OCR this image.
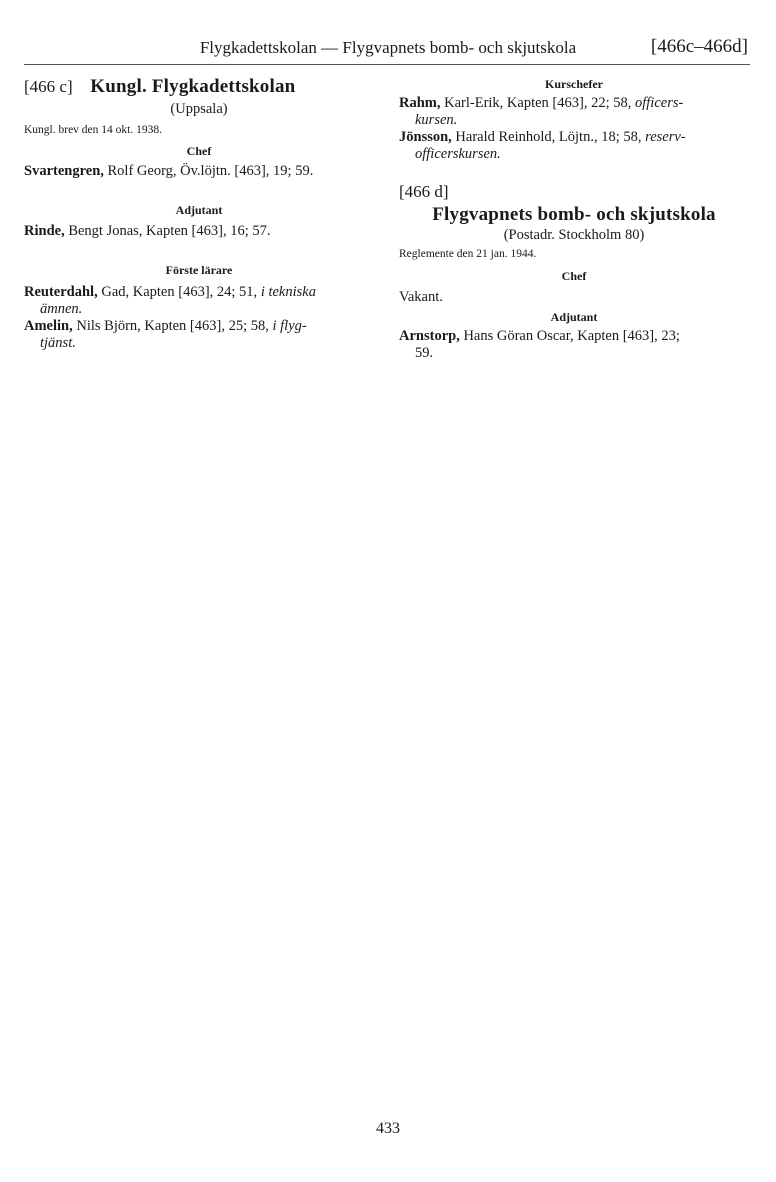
Flygkadettskolan — Flygvapnets bomb- och skjutskola	[466c–466d]
[466 c] Kungl. Flygkadettskolan

(Uppsala)

Kungl. brev den 14 okt. 1938.

Chef

Svartengren, Rolf Georg, Öv.löjtn. [463], 19; 59.

Adjutant

Rinde, Bengt Jonas, Kapten [463], 16; 57.

Förste lärare

Reuterdahl, Gad, Kapten [463], 24; 51, i tekniska
ämnen.

Amelin, Nils Björn, Kapten [463], 25; 58, i flyg-
tjänst.

Kurschefer

Rahm, Karl-Erik, Kapten [463], 22; 58, officers-
kursen.

Jönsson, Harald Reinhold, Löjtn., 18; 58, reserv-
officerskursen.

[466 d]

Flygvapnets bomb- och skjutskola

(Postadr. Stockholm 80)

Reglemente den 21 jan. 1944.

Chef

Vakant.

Adjutant

Arnstorp, Hans Göran Oscar, Kapten [463], 23;
59.

433
